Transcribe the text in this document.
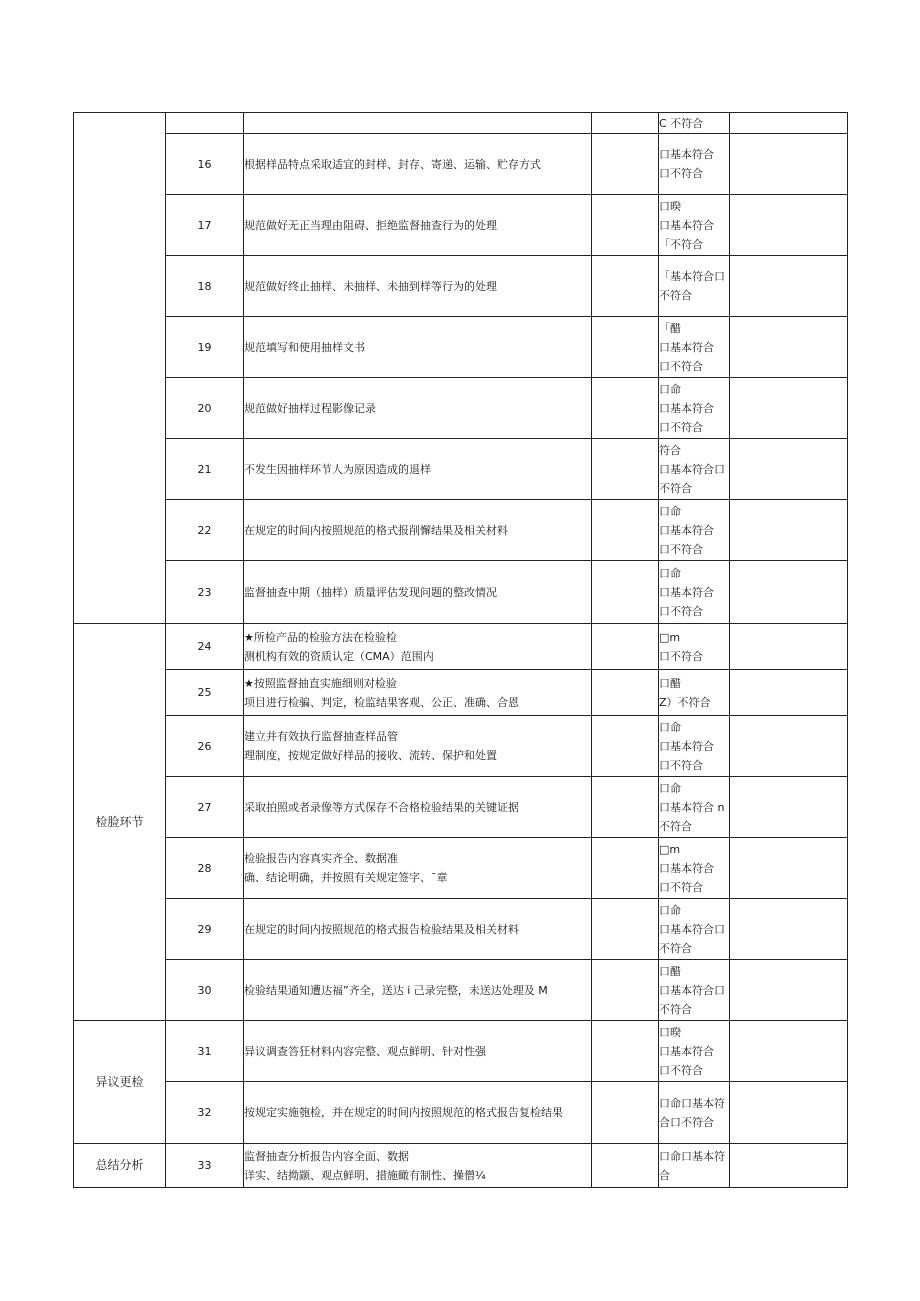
				C 不符合	

	16	根据样品特点采取适宜的封样、封存、寄递、运输、贮存方式		口基本符合
口不符合	

	17	规范做好无正当理由阻碍、拒绝监督抽查行为的处理		口暌
口基本符合
「不符合	

	18	规范做好终止抽样、未抽样、未抽到样等行为的处理		「基本符合口
不符合	

	19	规范填写和使用抽样文书		「醋
口基本符合
口不符合	

	20	规范做好抽样过程影像记录		口命
口基本符合
口不符合	

	21	不发生因抽样环节人为原因造成的退样		符合
口基本符合口
不符合	

	22	在规定的时间内按照规范的格式报削懈结果及相关材料		口命
口基本符合
口不符合	

	23	监督抽查中期（抽样）质量评估发现问题的整改情况		口命
口基本符合
口不符合	

检脸环节	24	★所检产品的检验方法在检验检
测机构有效的资质认定（CMA）范围内		□m
口不符合	

	25	★按照监督抽直实施细则对检验
项目进行检骗、判定，检监结果客观、公正、准确、合恩		口醋
Z）不符合	

	26	建立并有效执行监督抽查样品管
理制度，按规定做好样品的接收、流转、保护和处置		口命
口基本符合
口不符合	

	27	采取拍照或者录像等方式保存不合格检验结果的关键证据		口命
口基本符合 n
不符合	

	28	检验报告内容真实齐全、数据准
确、结论明确，并按照有关规定签字、ˉ章		□m
口基本符合
口不符合	

	29	在规定的时间内按照规范的格式报告检验结果及相关材料		口命
口基本符合口
不符合	

	30	检验结果通知遭达福”齐全，送达 i 己录完整，未送达处理及 M		口醋
口基本符合口
不符合	

异议更检	31	异议调查答狂材料内容完整、观点鲜明、针对性强		口暌
口基本符合
口不符合	

	32	按规定实施匏检，并在规定的时间内按照规范的格式报告复检结果		口命口基本符
合口不符合	

总结分析	33	监督抽查分析报告内容全面、数据
详实、结拗颛、观点鲜明、措施瞰有制性、操僧¼		口命口基本符
合	
